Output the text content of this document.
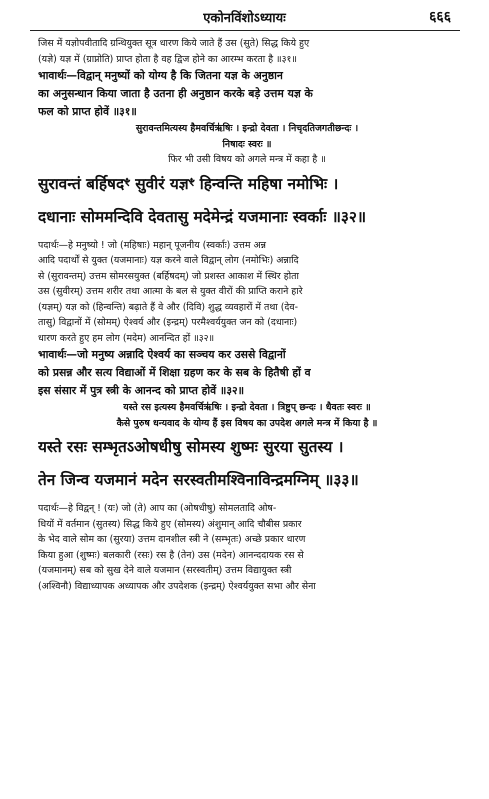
एकोनविंशोऽध्यायः	६६६

जिस में यज्ञोपवीतादि ग्रन्थियुक्त सूत्र धारण किये जाते हैं उस (सुते) सिद्ध किये हुए

(यज्ञे) यज्ञ में (ग्राप्नोति) प्राप्त होता है वह द्विज होने का आरम्भ करता है ॥३१॥

भावार्थः—विद्वान् मनुष्यों को योग्य है कि जितना यज्ञ के अनुष्ठान

का अनुसन्धान किया जाता है उतना ही अनुष्ठान करके बड़े उत्तम यज्ञ के

फल को प्राप्त होवें ॥३१॥

सुरावन्तमित्यस्य हैमवर्चिऋ॑षिः । इन्द्रो देवता । निचृदतिजगतीछन्दः ।

निषादः स्वरः ॥

फिर भी उसी विषय को अगले मन्त्र में कहा है ॥

सुरावन्तं बर्हिषदꣳ सुवीरं यज्ञꣳ हिन्वन्ति महिषा नमोभिः ।

दधानाः सोममन्दिवि देवतासु मदेमेन्द्रं यजमानाः स्वर्काः ॥३२॥

पदार्थः—हे मनुष्यो ! जो (महिषाः) महान् पूजनीय (स्वर्काः) उत्तम अन्न

आदि पदार्थों से युक्त (यजमानाः) यज्ञ करने वाले विद्वान् लोग (नमोभिः) अन्नादि

से (सुरावन्तम्) उत्तम सोमरसयुक्त (बर्हिषदम्) जो प्रशस्त आकाश में स्थिर होता

उस (सुवीरम्) उत्तम शरीर तथा आत्मा के बल से युक्त वीरों की प्राप्ति कराने हारे

(यज्ञम्) यज्ञ को (हिन्वन्ति) बढ़ाते हैं वे और (दिवि) शुद्ध व्यवहारों में तथा (देव-

तासु) विद्वानों में (सोमम्) ऐश्वर्य और (इन्द्रम्) परमैश्वर्ययुक्त जन को (दधानाः)

धारण करते हुए हम लोग (मदेम) आनन्दित हों ॥३२॥

भावार्थः—जो मनुष्य अन्नादि ऐश्वर्य का सञ्चय कर उससे विद्वानों

को प्रसन्न और सत्य विद्याओं में शिक्षा ग्रहण कर के सब के हितैषी हों व

इस संसार में पुत्र स्त्री के आनन्द को प्राप्त होवें ॥३२॥

यस्ते रस इत्यस्य हैमवर्चिऋ॑षिः । इन्द्रो देवता । त्रिष्टुप् छन्दः । धैवतः स्वरः ॥

कैसे पुरुष धन्यवाद के योग्य हैं इस विषय का उपदेश अगले मन्त्र में किया है ॥

यस्ते रसः सम्भृतऽओषधीषु सोमस्य शुष्मः सुरया सुतस्य ।

तेन जिन्व यजमानं मदेन सरस्वतीमश्विनाविन्द्रमग्निम् ॥३३॥

पदार्थः—हे विद्वन् ! (यः) जो (ते) आप का (ओषधीषु) सोमलतादि ओष-

धियों में वर्तमान (सुतस्य) सिद्ध किये हुए (सोमस्य) अंशुमान् आदि चौबीस प्रकार

के भेद वाले सोम का (सुरया) उत्तम दानशील स्त्री ने (सम्भृतः) अच्छे प्रकार धारण

किया हुआ (शुष्मः) बलकारी (रसः) रस है (तेन) उस (मदेन) आनन्ददायक रस से

(यजमानम्) सब को सुख देने वाले यजमान (सरस्वतीम्) उत्तम विद्यायुक्त स्त्री

(अश्विनौ) विद्याध्यापक अध्यापक और उपदेशक (इन्द्रम्) ऐश्वर्ययुक्त सभा और सेना
